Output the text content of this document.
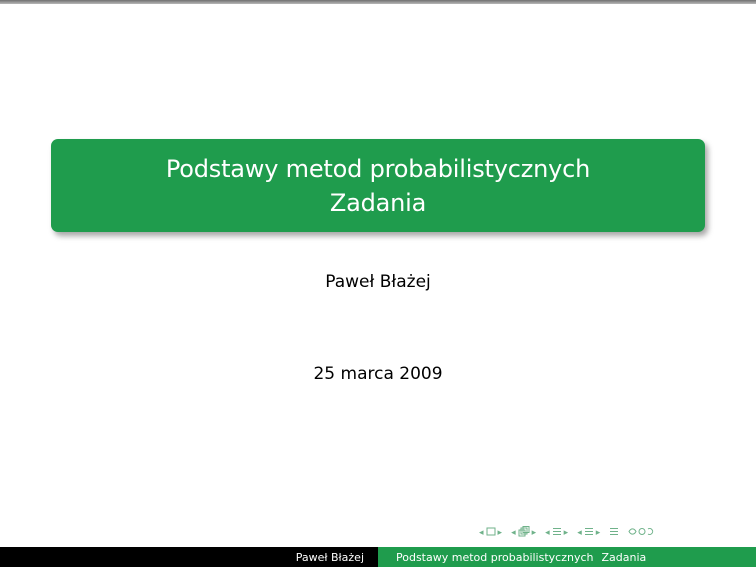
Podstawy metod probabilistycznych
Zadania
Paweł Błażej
25 marca 2009
◂ ▸ ◂ ▸ ◂ ▸ ◂ ▸
Paweł Błażej	Podstawy metod probabilistycznych Zadania
